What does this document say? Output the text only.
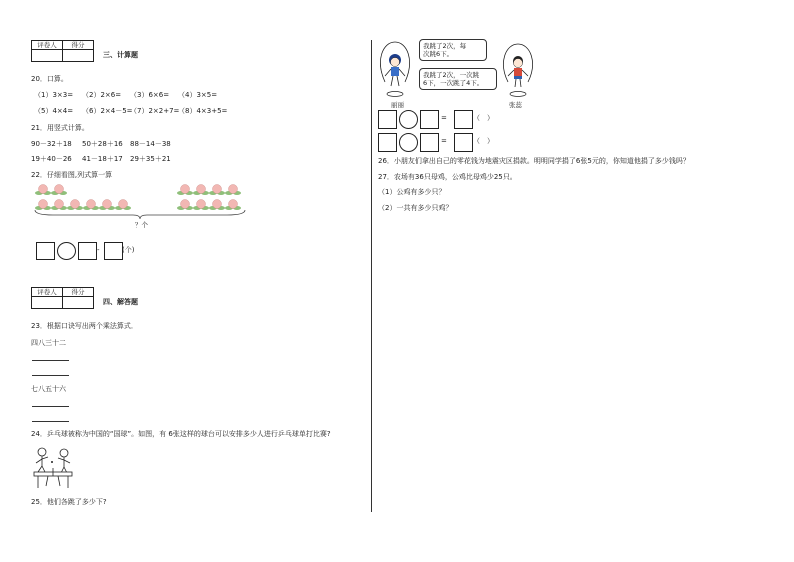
评卷人	得分

三、计算题
20．口算。
（1）3×3= （2）2×6= （3）6×6= （4）3×5=
（5）4×4= （6）2×4－5=
（7）2×2+7=
（8）4×3+5=
21．用竖式计算。
90－32＋18 50＋28＋16 88－14－38
19＋40－26 41－18＋17 29＋35＋21
22．仔细看图,列式算一算
？个
-	(个)
评卷人	得分

四、解答题
23．根据口诀写出两个乘法算式．
四八三十二
七八五十六
24．乒乓球被称为中国的“国球”。如图，有 6张这样的球台可以安排多少人进行乒乓球单打比赛?
25．他们各跳了多少下?
丽丽
我跳了2次，每
次跳6下。
我跳了2次，一次跳
6下，一次跳了4下。
张蕊
=	（　）
=	（　）
26．小朋友们拿出自己的零花钱为地震灾区捐款。明明同学捐了6张5元的，你知道他捐了多少钱吗？
27．农场有36只母鸡，公鸡比母鸡少25只。
（1）公鸡有多少只？
（2）一共有多少只鸡？
